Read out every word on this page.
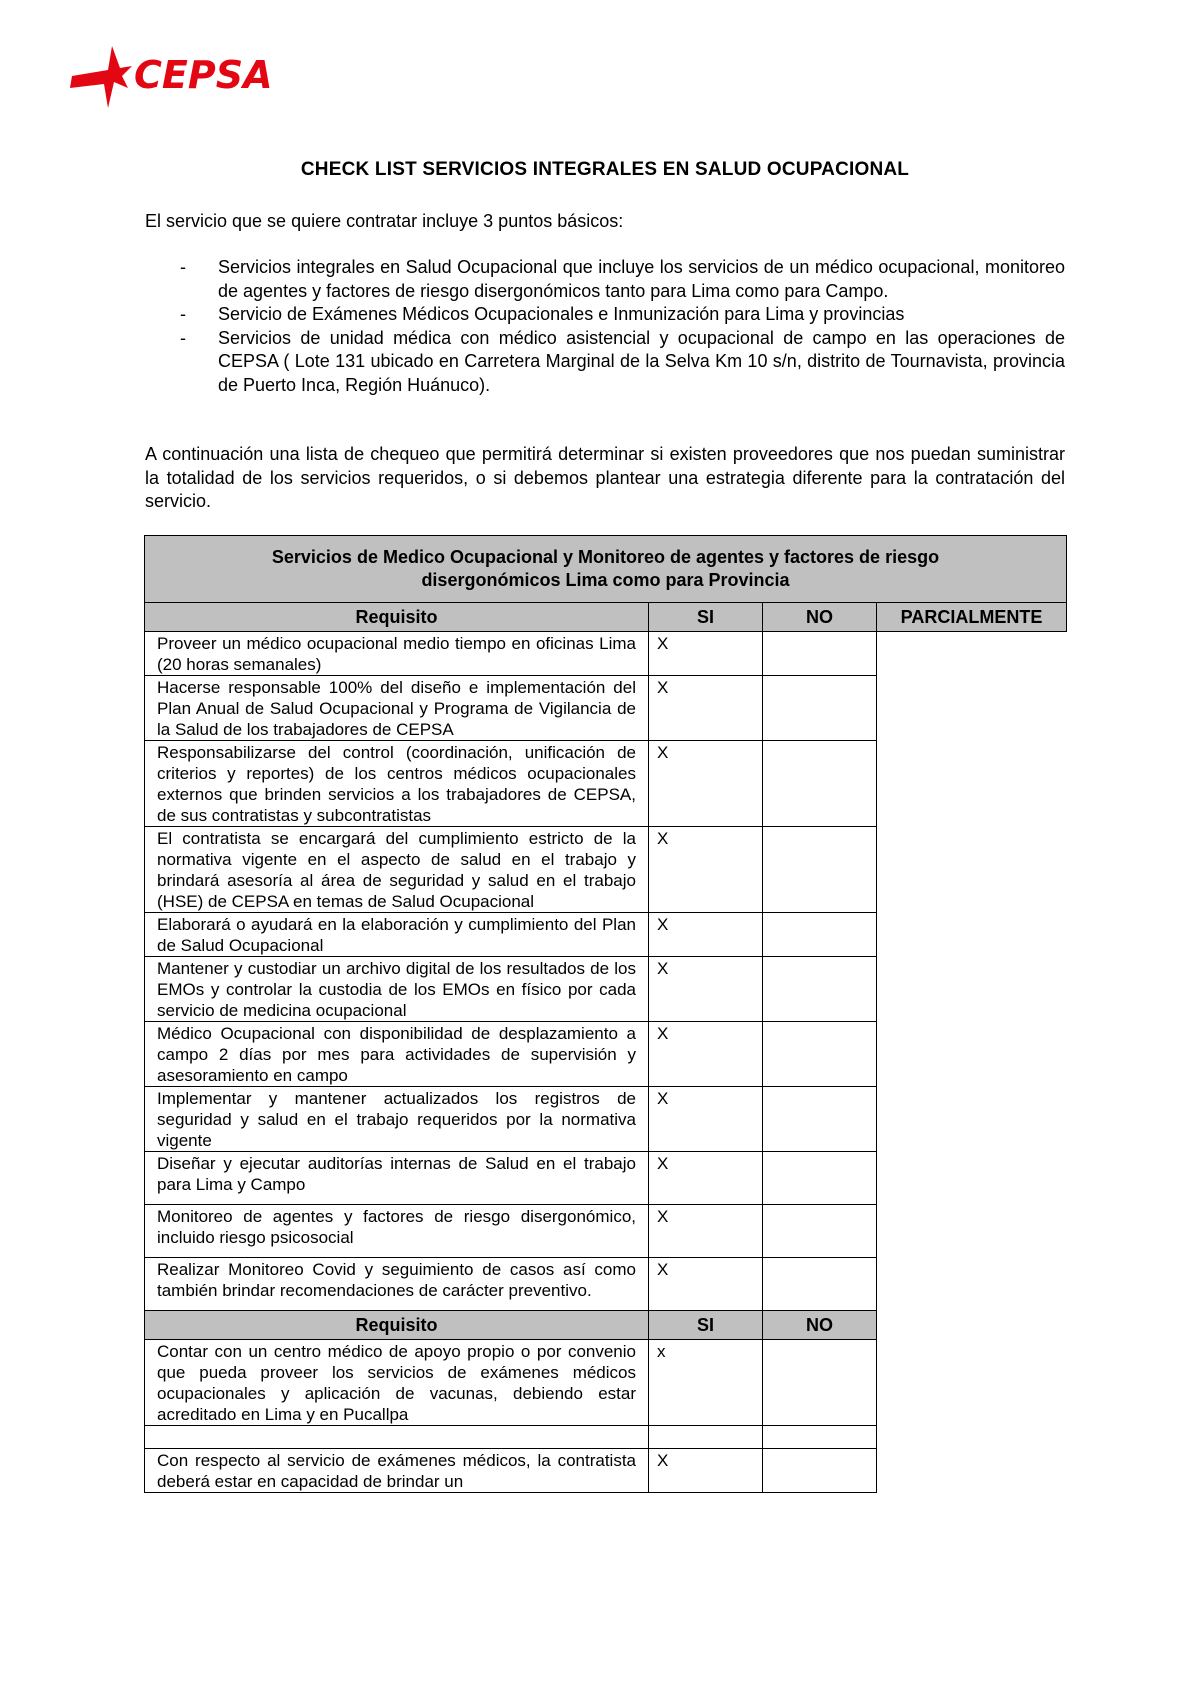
CEPSA
CHECK LIST SERVICIOS INTEGRALES EN SALUD OCUPACIONAL
El servicio que se quiere contratar incluye 3 puntos básicos:
- Servicios integrales en Salud Ocupacional que incluye los servicios de un médico ocupacional, monitoreo de agentes y factores de riesgo disergonómicos tanto para Lima como para Campo.
- Servicio de Exámenes Médicos Ocupacionales e Inmunización para Lima y provincias
- Servicios de unidad médica con médico asistencial y ocupacional de campo en las operaciones de CEPSA ( Lote 131 ubicado en Carretera Marginal de la Selva Km 10 s/n, distrito de Tournavista, provincia de Puerto Inca, Región Huánuco).
A continuación una lista de chequeo que permitirá determinar si existen proveedores que nos puedan suministrar la totalidad de los servicios requeridos, o si debemos plantear una estrategia diferente para la contratación del servicio.
Servicios de Medico Ocupacional y Monitoreo de agentes y factores de riesgo disergonómicos Lima como para Provincia			
Requisito	SI	NO	PARCIALMENTE
Proveer un médico ocupacional medio tiempo en oficinas Lima (20 horas semanales)	X		
Hacerse responsable 100% del diseño e implementación del Plan Anual de Salud Ocupacional y Programa de Vigilancia de la Salud de los trabajadores de CEPSA	X		
Responsabilizarse del control (coordinación, unificación de criterios y reportes) de los centros médicos ocupacionales externos que brinden servicios a los trabajadores de CEPSA, de sus contratistas y subcontratistas	X		
El contratista se encargará del cumplimiento estricto de la normativa vigente en el aspecto de salud en el trabajo y brindará asesoría al área de seguridad y salud en el trabajo (HSE) de CEPSA en temas de Salud Ocupacional	X		
Elaborará o ayudará en la elaboración y cumplimiento del Plan de Salud Ocupacional	X		
Mantener y custodiar un archivo digital de los resultados de los EMOs y controlar la custodia de los EMOs en físico por cada servicio de medicina ocupacional	X		
Médico Ocupacional con disponibilidad de desplazamiento a campo 2 días por mes para actividades de supervisión y asesoramiento en campo	X		
Implementar y mantener actualizados los registros de seguridad y salud en el trabajo requeridos por la normativa vigente	X		
Diseñar y ejecutar auditorías internas de Salud en el trabajo para Lima y Campo	X		
Monitoreo de agentes y factores de riesgo disergonómico, incluido riesgo psicosocial	X		
Realizar Monitoreo Covid y seguimiento de casos así como también brindar recomendaciones de carácter preventivo.	X		
Requisito	SI	NO	
Contar con un centro médico de apoyo propio o por convenio que pueda proveer los servicios de exámenes médicos ocupacionales y aplicación de vacunas, debiendo estar acreditado en Lima y en Pucallpa	x		

Con respecto al servicio de exámenes médicos, la contratista deberá estar en capacidad de brindar un	X		
